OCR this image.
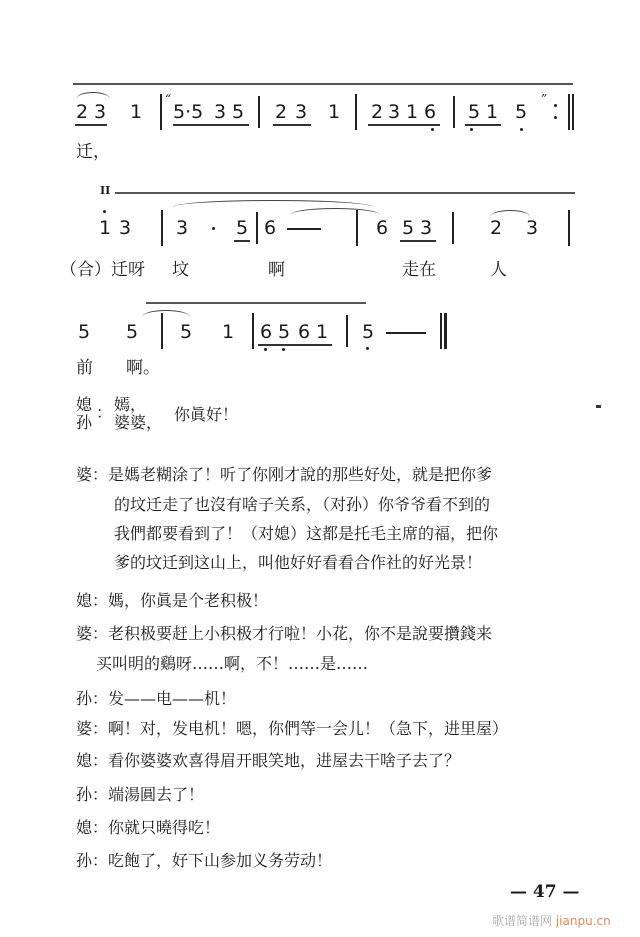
2 3 1
“
5·5 3 5 2 3 1 2 3 1 6 5 1 5
”
迁，
II
1 3 3	5 6	6 5 3	2 3
（合）迁呀 坟	啊	走在	人
5 5 5 1 6 5 6 1 5
前 啊。
媳
孙
： 嫣，
婆婆， 你眞好！
婆：是媽老糊涂了！听了你刚才說的那些好处，就是把你爹
的坟迁走了也沒有啥子关系，（对孙）你爷爷看不到的
我們都要看到了！（对媳）这都是托毛主席的福，把你
爹的坟迁到这山上，叫他好好看看合作社的好光景！
媳：媽，你眞是个老积极！
婆：老积极要赶上小积极才行啦！小花，你不是說要攢錢来
买叫明的鷄呀……啊，不！……是……
孙：发——电——机！
婆：啊！对，发电机！嗯，你們等一会儿！（急下，进里屋）
媳：看你婆婆欢喜得眉开眼笑地，进屋去干啥子去了？
孙：端湯圓去了！
媳：你就只曉得吃！
孙：吃飽了，好下山参加义务劳动！
— 47 —
歌谱简谱网 jianpu.cn
